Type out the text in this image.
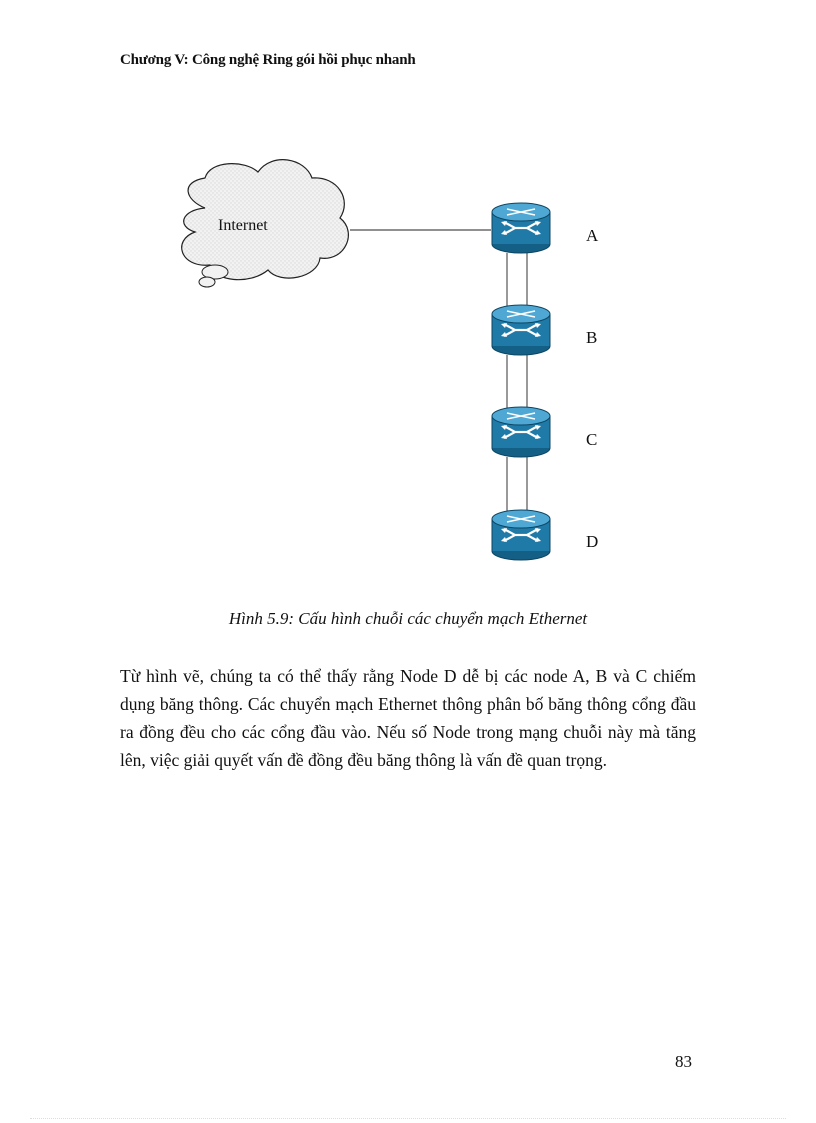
Chương V: Công nghệ Ring gói hồi phục nhanh
Internet
A
B
C
D
Hình 5.9: Cấu hình chuỗi các chuyển mạch Ethernet
Từ hình vẽ, chúng ta có thể thấy rằng Node D dễ bị các node A, B và C chiếm dụng băng thông. Các chuyển mạch Ethernet thông phân bố băng thông cổng đầu ra đồng đều cho các cổng đầu vào. Nếu số Node trong mạng chuỗi này mà tăng lên, việc giải quyết vấn đề đồng đều băng thông là vấn đề quan trọng.
83
